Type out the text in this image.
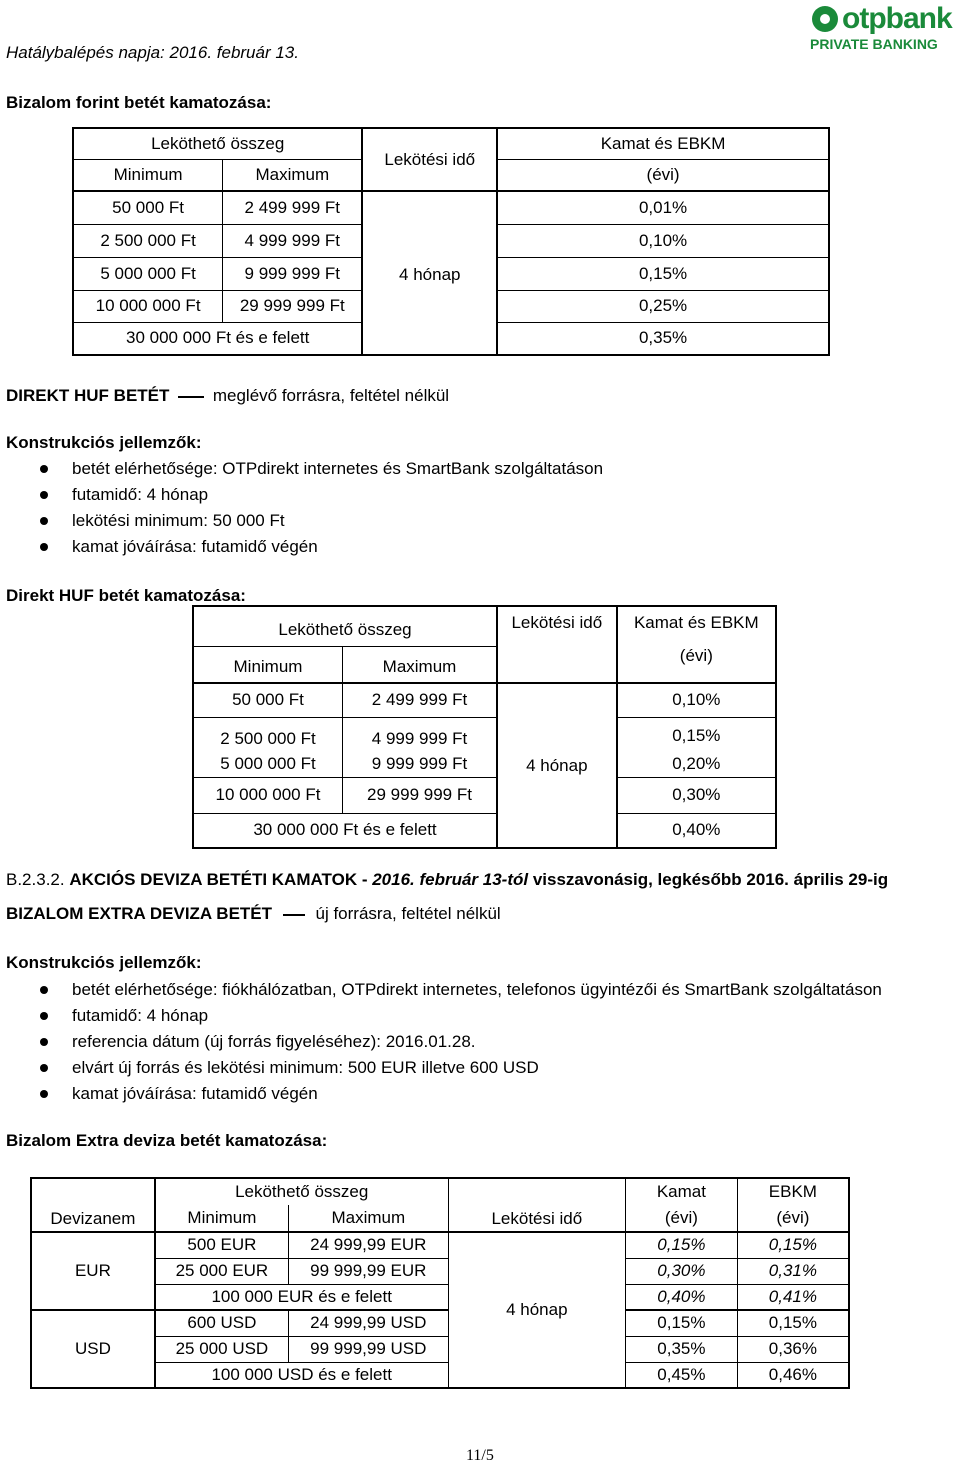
Hatálybalépés napja: 2016. február 13.
otpbank
PRIVATE BANKING
Bizalom forint betét kamatozása:
Leköthető összeg		Lekötési idő	Kamat és EBKM
Minimum	Maximum		(évi)
50 000 Ft	2 499 999 Ft	4 hónap	0,01%
2 500 000 Ft	4 999 999 Ft		0,10%
5 000 000 Ft	9 999 999 Ft		0,15%
10 000 000 Ft	29 999 999 Ft		0,25%
30 000 000 Ft és e felett			0,35%
DIREKT HUF BETÉT	meglévő forrásra, feltétel nélkül
Konstrukciós jellemzők:
betét elérhetősége: OTPdirekt internetes és SmartBank szolgáltatáson
futamidő: 4 hónap
lekötési minimum: 50 000 Ft
kamat jóváírása: futamidő végén
Direkt HUF betét kamatozása:
Leköthető összeg		Lekötési idő	Kamat és EBKM
Minimum	Maximum		(évi)
50 000 Ft	2 499 999 Ft	4 hónap	0,10%
2 500 000 Ft	4 999 999 Ft		0,15%
5 000 000 Ft	9 999 999 Ft		0,20%
10 000 000 Ft	29 999 999 Ft		0,30%
30 000 000 Ft és e felett			0,40%
B.2.3.2. AKCIÓS DEVIZA BETÉTI KAMATOK - 2016. február 13-tól visszavonásig, legkésőbb 2016. április 29-ig
BIZALOM EXTRA DEVIZA BETÉT	új forrásra, feltétel nélkül
Konstrukciós jellemzők:
betét elérhetősége: fiókhálózatban, OTPdirekt internetes, telefonos ügyintézői és SmartBank szolgáltatáson
futamidő: 4 hónap
referencia dátum (új forrás figyeléséhez): 2016.01.28.
elvárt új forrás és lekötési minimum: 500 EUR illetve 600 USD
kamat jóváírása: futamidő végén
Bizalom Extra deviza betét kamatozása:
Devizanem	Leköthető összeg		Lekötési idő	Kamat	EBKM
	Minimum	Maximum		(évi)	(évi)
EUR	500 EUR	24 999,99 EUR	4 hónap	0,15%	0,15%
	25 000 EUR	99 999,99 EUR		0,30%	0,31%
	100 000 EUR és e felett			0,40%	0,41%
USD	600 USD	24 999,99 USD		0,15%	0,15%
	25 000 USD	99 999,99 USD		0,35%	0,36%
	100 000 USD és e felett			0,45%	0,46%
11/5
